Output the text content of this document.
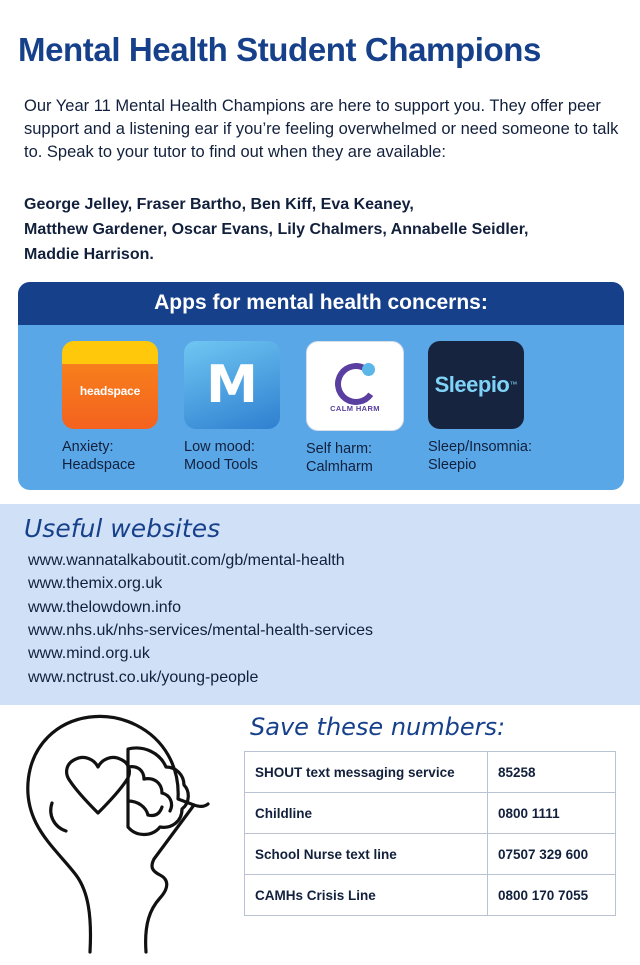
Mental Health Student Champions

Our Year 11 Mental Health Champions are here to support you. They offer peer support and a listening ear if you’re feeling overwhelmed or need someone to talk to. Speak to your tutor to find out when they are available:

George Jelley, Fraser Bartho, Ben Kiff, Eva Keaney,
Matthew Gardener, Oscar Evans, Lily Chalmers, Annabelle Seidler,
Maddie Harrison.
Apps for mental health concerns:
headspace
Anxiety:
Headspace
M
Low mood:
Mood Tools
CALM HARM
Self harm:
Calmharm
Sleepio ™
Sleep/Insomnia:
Sleepio
Useful websites
www.wannatalkaboutit.com/gb/mental-health
www.themix.org.uk
www.thelowdown.info
www.nhs.uk/nhs-services/mental-health-services
www.mind.org.uk
www.nctrust.co.uk/young-people
Save these numbers:
SHOUT text messaging service	85258
Childline	0800 1111
School Nurse text line	07507 329 600
CAMHs Crisis Line	0800 170 7055
